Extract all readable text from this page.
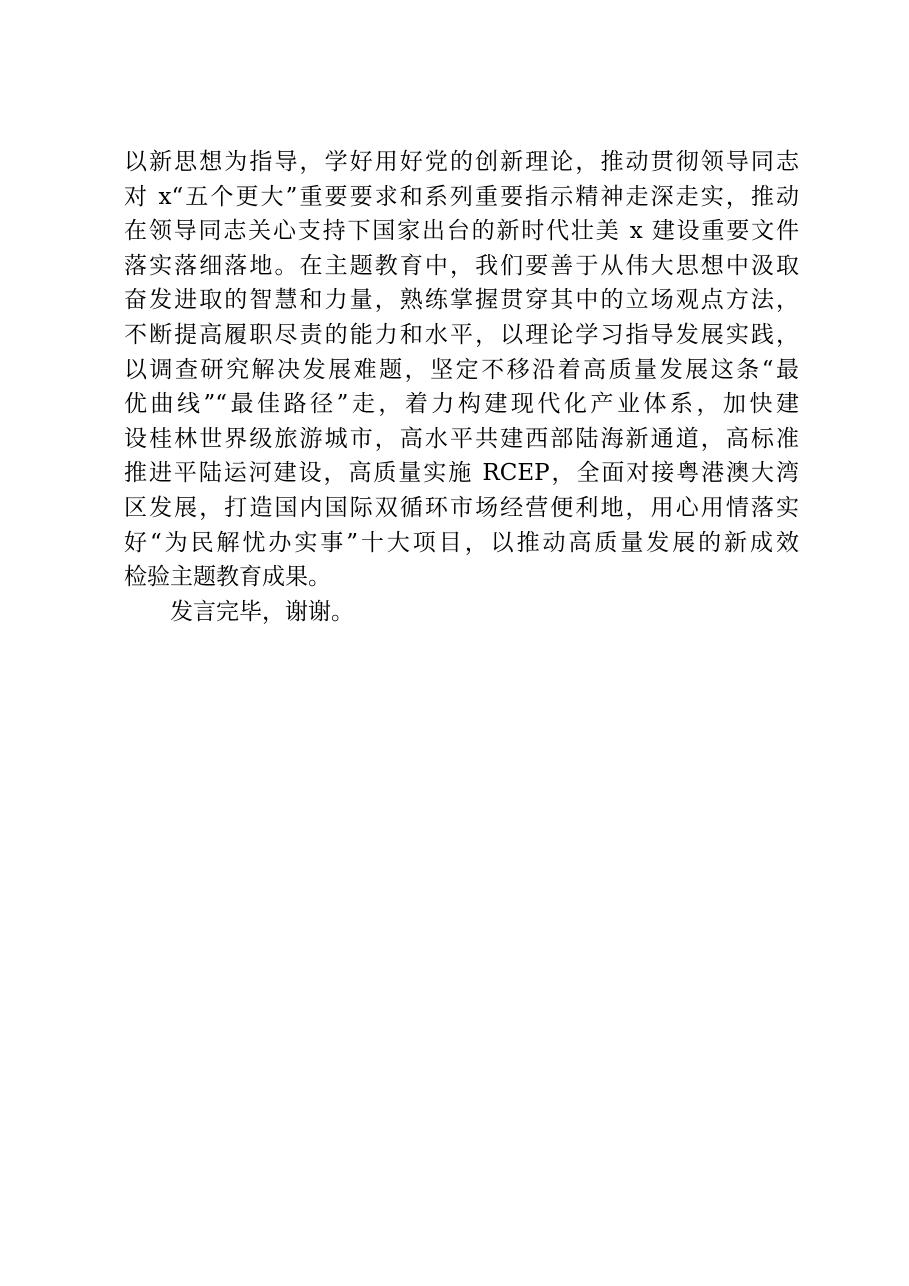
以新思想为指导，学好用好党的创新理论，推动贯彻领导同志
对 x“五个更大”重要要求和系列重要指示精神走深走实，推动
在领导同志关心支持下国家出台的新时代壮美 x 建设重要文件
落实落细落地。在主题教育中，我们要善于从伟大思想中汲取
奋发进取的智慧和力量，熟练掌握贯穿其中的立场观点方法，
不断提高履职尽责的能力和水平，以理论学习指导发展实践，
以调查研究解决发展难题，坚定不移沿着高质量发展这条“最
优曲线”“最佳路径”走，着力构建现代化产业体系，加快建
设桂林世界级旅游城市，高水平共建西部陆海新通道，高标准
推进平陆运河建设，高质量实施 RCEP，全面对接粤港澳大湾
区发展，打造国内国际双循环市场经营便利地，用心用情落实
好“为民解忧办实事”十大项目，以推动高质量发展的新成效
检验主题教育成果。
发言完毕，谢谢。
